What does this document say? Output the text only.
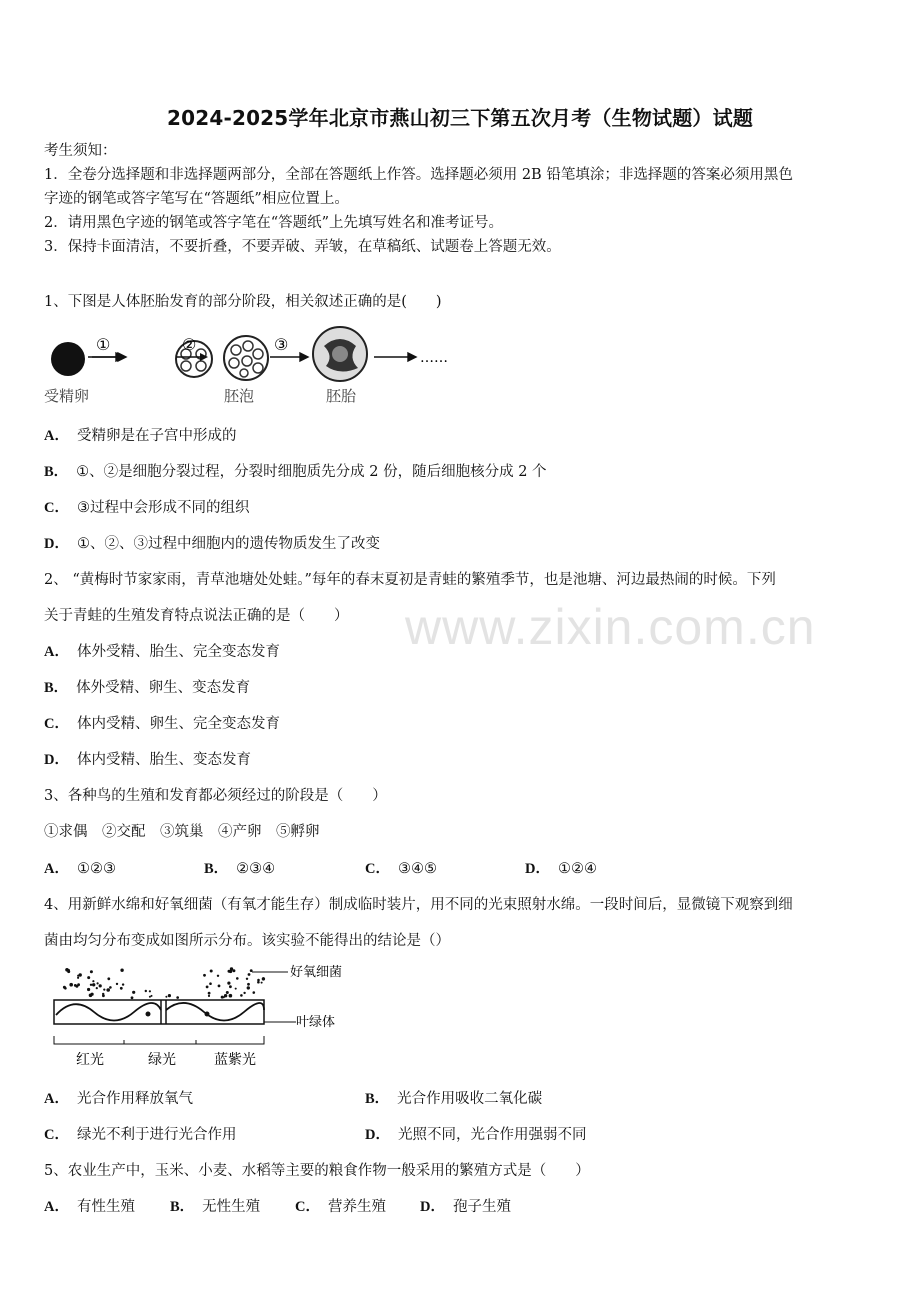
2024-2025学年北京市燕山初三下第五次月考（生物试题）试题
考生须知：
1．全卷分选择题和非选择题两部分，全部在答题纸上作答。选择题必须用 2B 铅笔填涂；非选择题的答案必须用黑色
字迹的钢笔或答字笔写在“答题纸”相应位置上。
2．请用黑色字迹的钢笔或答字笔在“答题纸”上先填写姓名和准考证号。
3．保持卡面清洁，不要折叠，不要弄破、弄皱，在草稿纸、试题卷上答题无效。
www.zixin.com.cn
1、下图是人体胚胎发育的部分阶段，相关叙述正确的是(　　)
①	③
……
受精卵	胚泡	胚胎
②
A． 受精卵是在子宫中形成的
B． ①、②是细胞分裂过程，分裂时细胞质先分成 2 份，随后细胞核分成 2 个
C． ③过程中会形成不同的组织
D． ①、②、③过程中细胞内的遗传物质发生了改变
2、 “黄梅时节家家雨，青草池塘处处蛙。”每年的春末夏初是青蛙的繁殖季节，也是池塘、河边最热闹的时候。下列
关于青蛙的生殖发育特点说法正确的是（　　）
A． 体外受精、胎生、完全变态发育
B． 体外受精、卵生、变态发育
C． 体内受精、卵生、完全变态发育
D． 体内受精、胎生、变态发育
3、各种鸟的生殖和发育都必须经过的阶段是（　　）
①求偶　②交配　③筑巢　④产卵　⑤孵卵
A． ①②③	B． ②③④	C． ③④⑤	D． ①②④
4、用新鲜水绵和好氧细菌（有氧才能生存）制成临时装片，用不同的光束照射水绵。一段时间后，显微镜下观察到细
菌由均匀分布变成如图所示分布。该实验不能得出的结论是（）
好氧细菌
叶绿体
红光	绿光	蓝紫光
A． 光合作用释放氧气	B． 光合作用吸收二氧化碳
C． 绿光不利于进行光合作用	D． 光照不同，光合作用强弱不同
5、农业生产中，玉米、小麦、水稻等主要的粮食作物一般采用的繁殖方式是（　　）
A． 有性生殖 B． 无性生殖 C． 营养生殖 D． 孢子生殖
